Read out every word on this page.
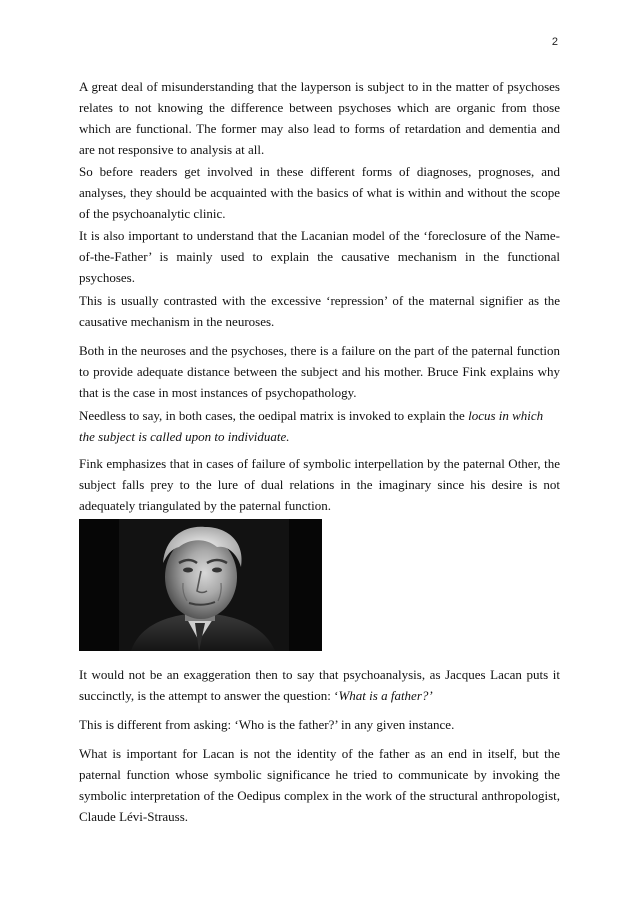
2

A great deal of misunderstanding that the layperson is subject to in the matter of psychoses relates to not knowing the difference between psychoses which are organic from those which are functional. The former may also lead to forms of retardation and dementia and are not responsive to analysis at all.

So before readers get involved in these different forms of diagnoses, prognoses, and analyses, they should be acquainted with the basics of what is within and without the scope of the psychoanalytic clinic.

It is also important to understand that the Lacanian model of the ‘foreclosure of the Name-of-the-Father’ is mainly used to explain the causative mechanism in the functional psychoses.

This is usually contrasted with the excessive ‘repression’ of the maternal signifier as the causative mechanism in the neuroses.

Both in the neuroses and the psychoses, there is a failure on the part of the paternal function to provide adequate distance between the subject and his mother. Bruce Fink explains why that is the case in most instances of psychopathology.

Needless to say, in both cases, the oedipal matrix is invoked to explain the locus in which the subject is called upon to individuate.

Fink emphasizes that in cases of failure of symbolic interpellation by the paternal Other, the subject falls prey to the lure of dual relations in the imaginary since his desire is not adequately triangulated by the paternal function.

It would not be an exaggeration then to say that psychoanalysis, as Jacques Lacan puts it succinctly, is the attempt to answer the question: ‘What is a father?’

This is different from asking: ‘Who is the father?’ in any given instance.

What is important for Lacan is not the identity of the father as an end in itself, but the paternal function whose symbolic significance he tried to communicate by invoking the symbolic interpretation of the Oedipus complex in the work of the structural anthropologist, Claude Lévi-Strauss.
